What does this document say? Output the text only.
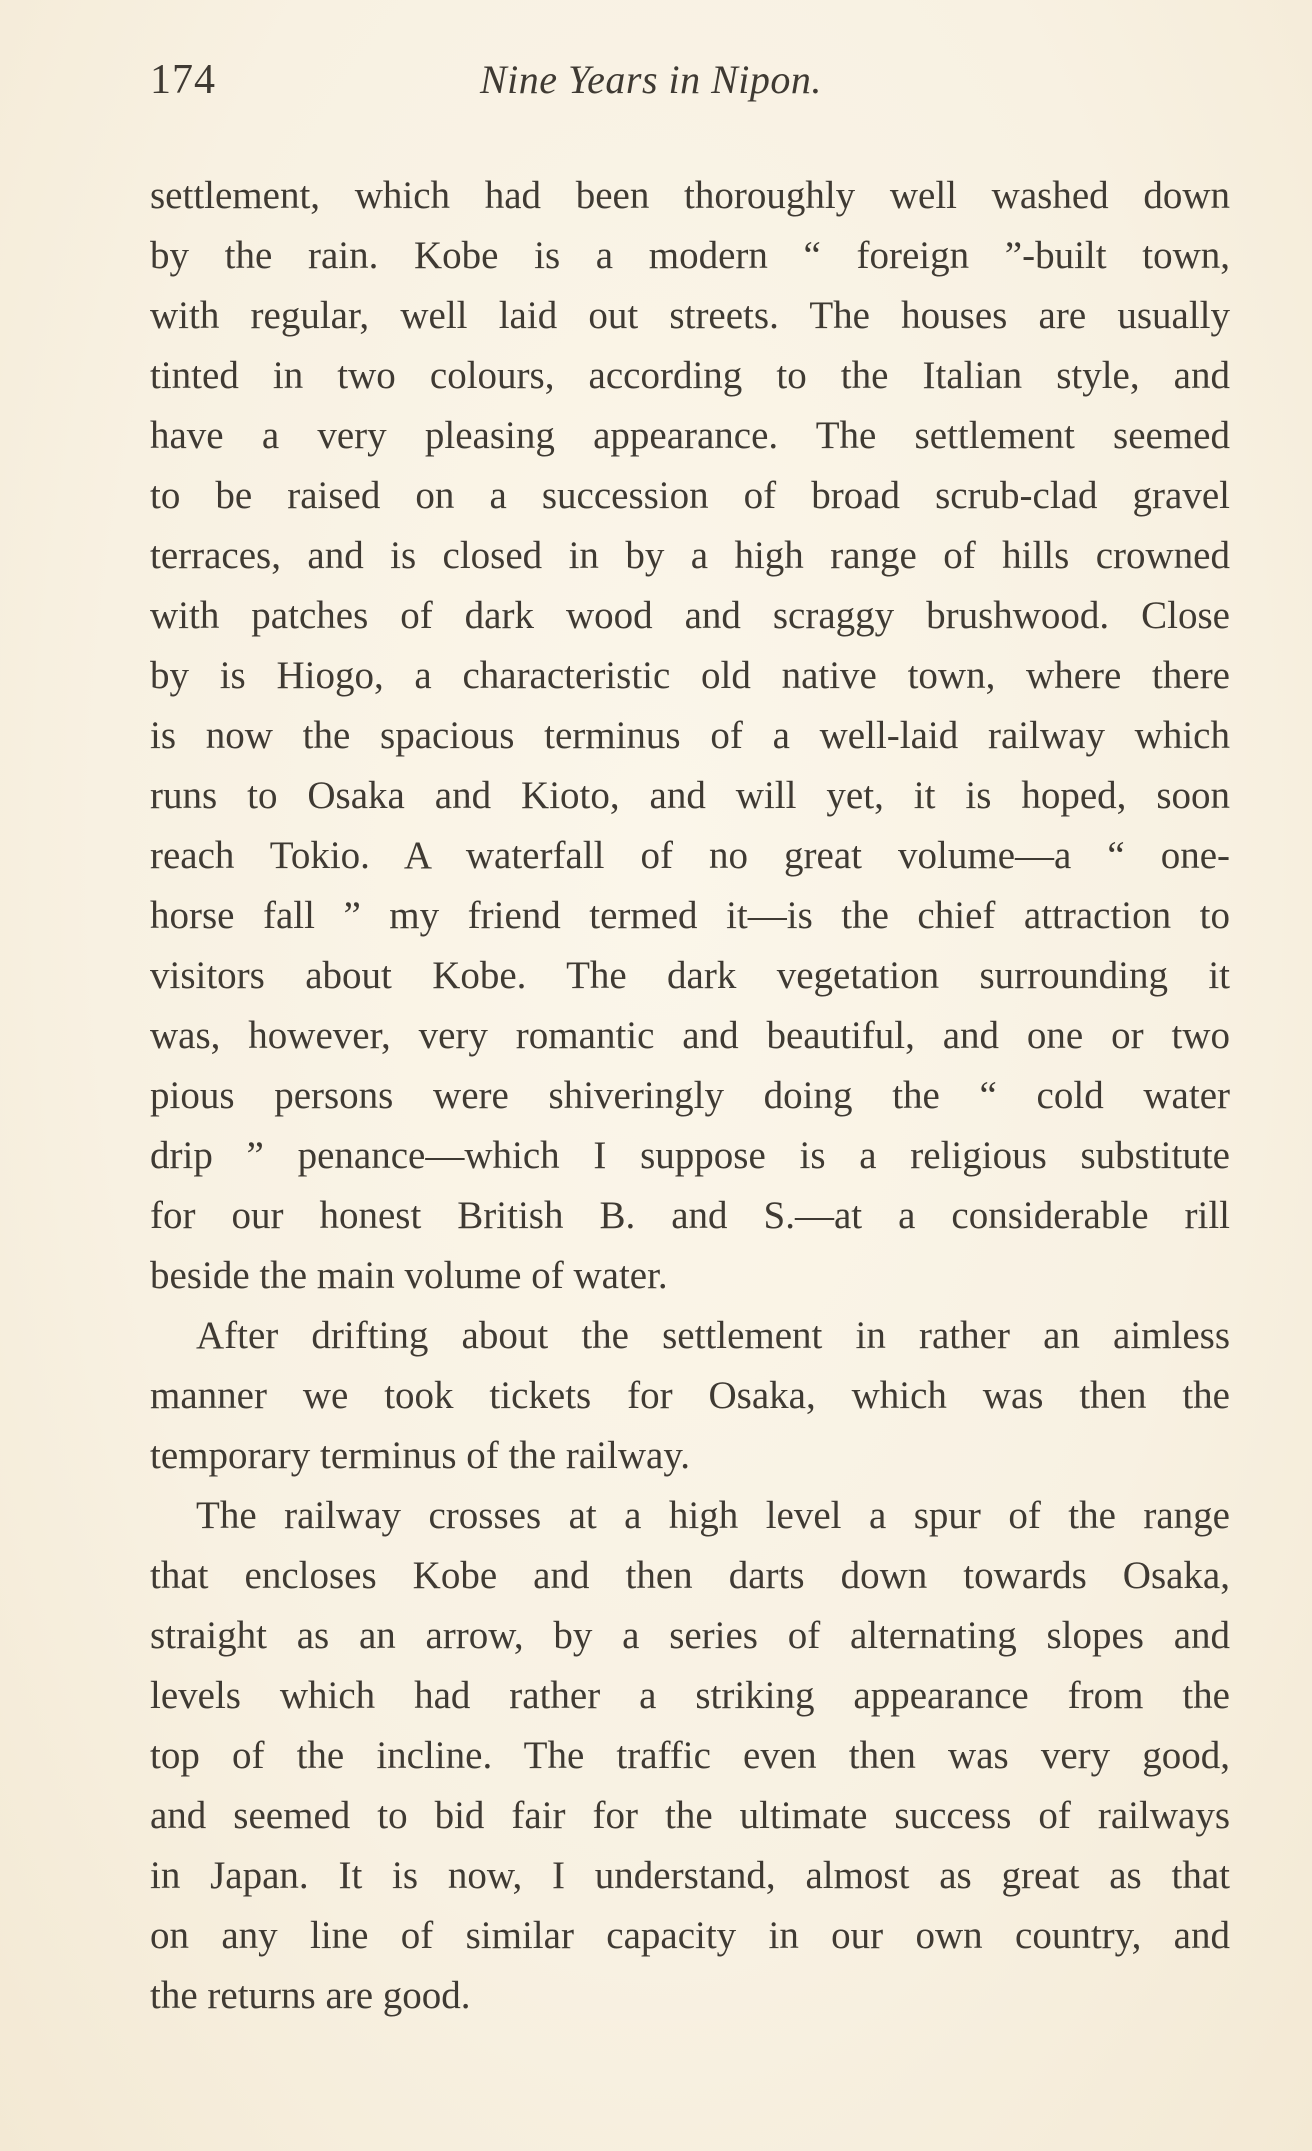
174	Nine Years in Nipon.
settlement, which had been thoroughly well washed down
by the rain. Kobe is a modern “ foreign ”-built town,
with regular, well laid out streets. The houses are usually
tinted in two colours, according to the Italian style, and
have a very pleasing appearance. The settlement seemed
to be raised on a succession of broad scrub-clad gravel
terraces, and is closed in by a high range of hills crowned
with patches of dark wood and scraggy brushwood. Close
by is Hiogo, a characteristic old native town, where there
is now the spacious terminus of a well-laid railway which
runs to Osaka and Kioto, and will yet, it is hoped, soon
reach Tokio. A waterfall of no great volume—a “ one-
horse fall ” my friend termed it—is the chief attraction to
visitors about Kobe. The dark vegetation surrounding it
was, however, very romantic and beautiful, and one or two
pious persons were shiveringly doing the “ cold water
drip ” penance—which I suppose is a religious substitute
for our honest British B. and S.—at a considerable rill
beside the main volume of water.
After drifting about the settlement in rather an aimless
manner we took tickets for Osaka, which was then the
temporary terminus of the railway.
The railway crosses at a high level a spur of the range
that encloses Kobe and then darts down towards Osaka,
straight as an arrow, by a series of alternating slopes and
levels which had rather a striking appearance from the
top of the incline. The traffic even then was very good,
and seemed to bid fair for the ultimate success of railways
in Japan. It is now, I understand, almost as great as that
on any line of similar capacity in our own country, and
the returns are good.
